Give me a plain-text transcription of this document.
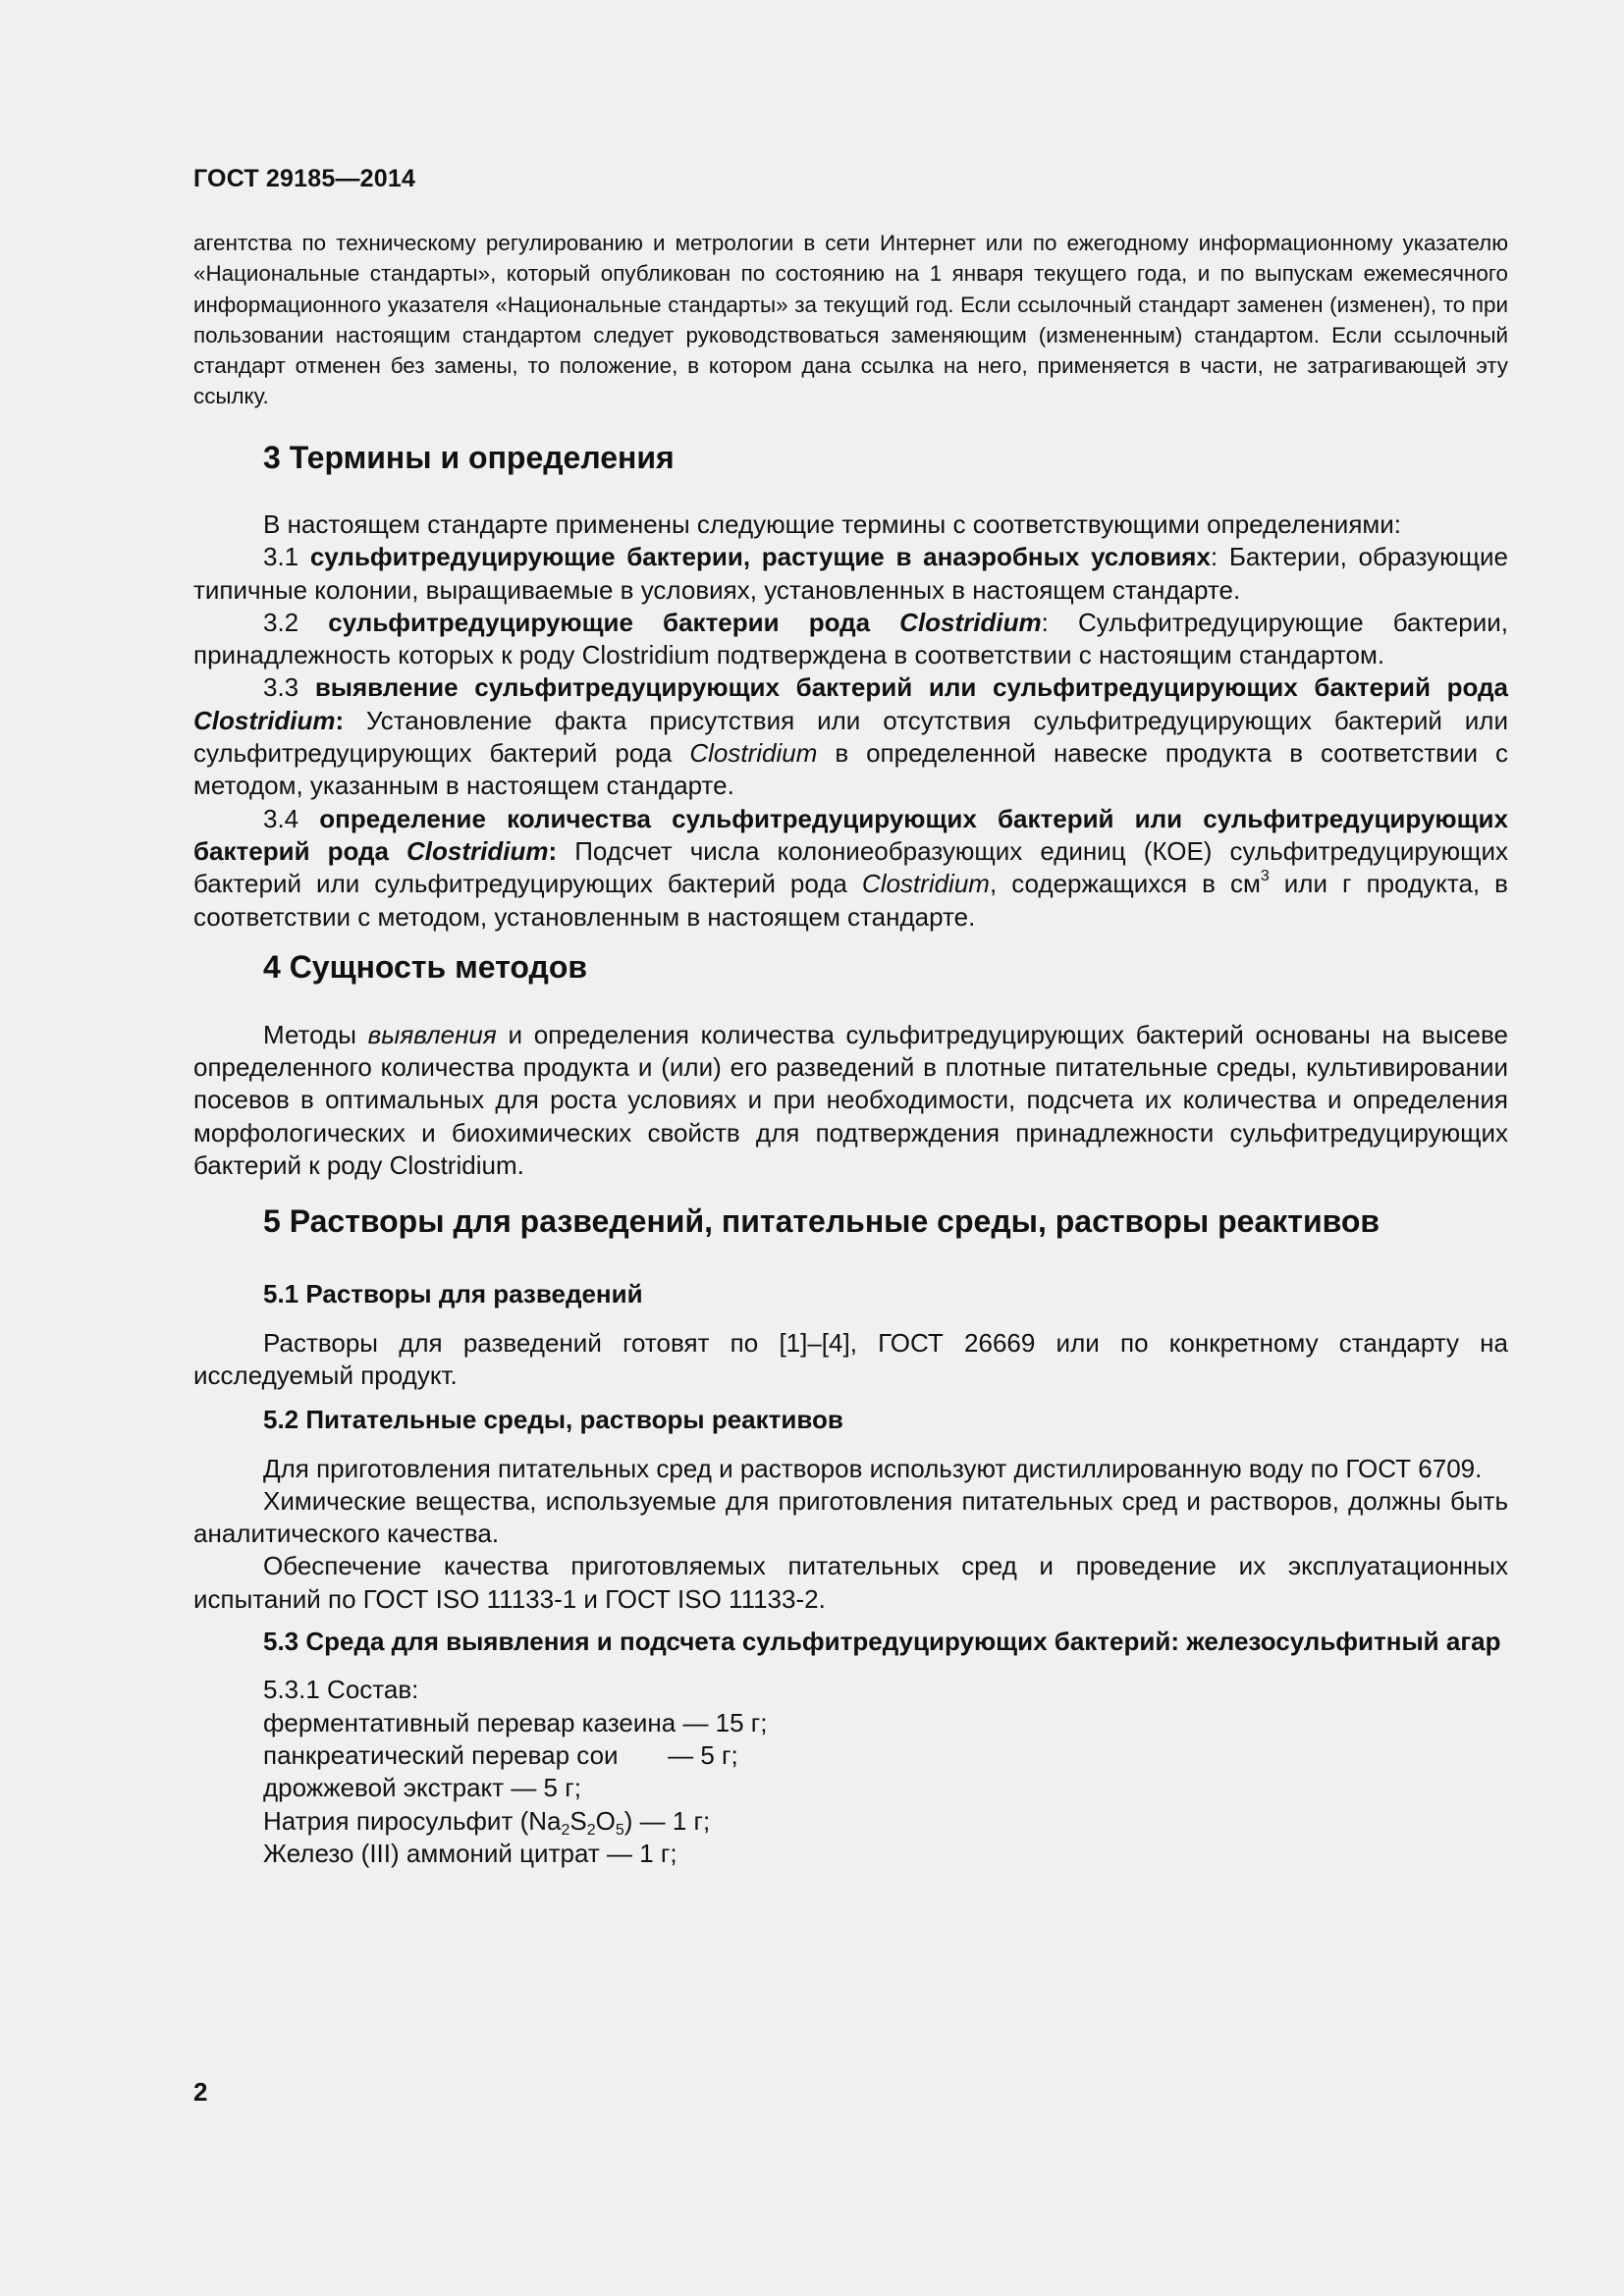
ГОСТ 29185—2014
агентства по техническому регулированию и метрологии в сети Интернет или по ежегодному информационному указателю «Национальные стандарты», который опубликован по состоянию на 1 января текущего года, и по выпускам ежемесячного информационного указателя «Национальные стандарты» за текущий год. Если ссылочный стандарт заменен (изменен), то при пользовании настоящим стандартом следует руководствоваться заменяющим (измененным) стандартом. Если ссылочный стандарт отменен без замены, то положение, в котором дана ссылка на него, применяется в части, не затрагивающей эту ссылку.
3 Термины и определения

В настоящем стандарте применены следующие термины с соответствующими определениями:

3.1 сульфитредуцирующие бактерии, растущие в анаэробных условиях: Бактерии, образующие типичные колонии, выращиваемые в условиях, установленных в настоящем стандарте.

3.2 сульфитредуцирующие бактерии рода Clostridium: Сульфитредуцирующие бактерии, принадлежность которых к роду Clostridium подтверждена в соответствии с настоящим стандартом.

3.3 выявление сульфитредуцирующих бактерий или сульфитредуцирующих бактерий рода Clostridium: Установление факта присутствия или отсутствия сульфитредуцирующих бактерий или сульфитредуцирующих бактерий рода Clostridium в определенной навеске продукта в соответствии с методом, указанным в настоящем стандарте.

3.4 определение количества сульфитредуцирующих бактерий или сульфитредуцирующих бактерий рода Clostridium: Подсчет числа колониеобразующих единиц (КОЕ) сульфитредуцирующих бактерий или сульфитредуцирующих бактерий рода Clostridium, содержащихся в $см^3$ или г продукта, в соответствии с методом, установленным в настоящем стандарте.

4 Сущность методов

Методы выявления и определения количества сульфитредуцирующих бактерий основаны на высеве определенного количества продукта и (или) его разведений в плотные питательные среды, культивировании посевов в оптимальных для роста условиях и при необходимости, подсчета их количества и определения морфологических и биохимических свойств для подтверждения принадлежности сульфитредуцирующих бактерий к роду Clostridium.

5 Растворы для разведений, питательные среды, растворы реактивов
5.1 Растворы для разведений

Растворы для разведений готовят по [1]–[4], ГОСТ 26669 или по конкретному стандарту на исследуемый продукт.

5.2 Питательные среды, растворы реактивов

Для приготовления питательных сред и растворов используют дистиллированную воду по ГОСТ 6709.

Химические вещества, используемые для приготовления питательных сред и растворов, должны быть аналитического качества.

Обеспечение качества приготовляемых питательных сред и проведение их эксплуатационных испытаний по ГОСТ ISO 11133-1 и ГОСТ ISO 11133-2.

5.3 Среда для выявления и подсчета сульфитредуцирующих бактерий: железосульфитный агар
5.3.1 Состав:
ферментативный перевар казеина — 15 г;
панкреатический перевар сои       — 5 г;
дрожжевой экстракт — 5 г;
Натрия пиросульфит $(Na_2S_2O_5)$ — 1 г;
Железо (III) аммоний цитрат — 1 г;
2
